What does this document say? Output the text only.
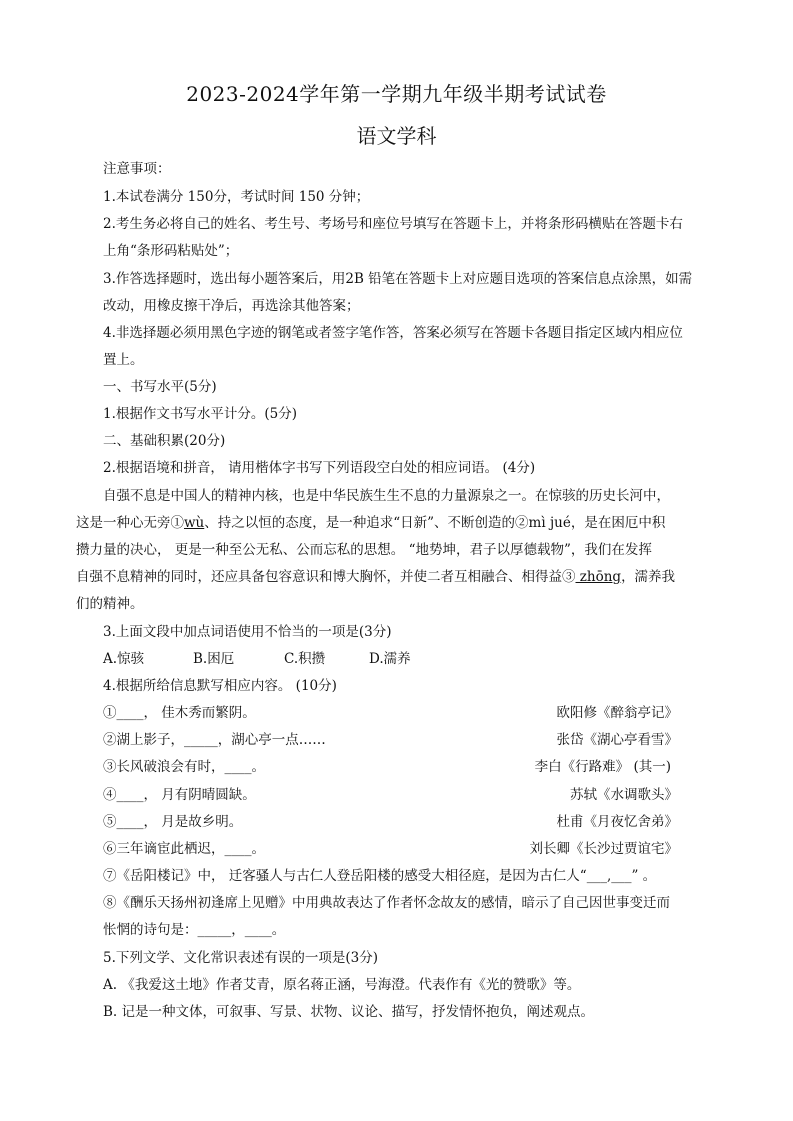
2023-2024学年第一学期九年级半期考试试卷
语文学科
注意事项：
1.本试卷满分 150分，考试时间 150 分钟；
2.考生务必将自己的姓名、考生号、考场号和座位号填写在答题卡上，并将条形码横贴在答题卡右
上角“条形码粘贴处”；
3.作答选择题时，选出每小题答案后，用2B 铅笔在答题卡上对应题目选项的答案信息点涂黑，如需
改动，用橡皮擦干净后，再选涂其他答案；
4.非选择题必须用黑色字迹的钢笔或者签字笔作答，答案必须写在答题卡各题目指定区域内相应位
置上。
一、书写水平(5分)
1.根据作文书写水平计分。(5分)
二、基础积累(20分)
2.根据语境和拼音， 请用楷体字书写下列语段空白处的相应词语。 (4分)
自强不息是中国人的精神内核，也是中华民族生生不息的力量源泉之一。在惊骇的历史长河中，
这是一种心无旁①wù、持之以恒的态度，是一种追求“日新”、不断创造的②mì jué，是在困厄中积
攒力量的决心， 更是一种至公无私、公而忘私的思想。 “地势坤，君子以厚德载物”，我们在发挥
自强不息精神的同时，还应具备包容意识和博大胸怀，并使二者互相融合、相得益③ zhōng，濡养我
们的精神。
3.上面文段中加点词语使用不恰当的一项是(3分)
A.惊骇	B.困厄	C.积攒	D.濡养
4.根据所给信息默写相应内容。 (10分)
①____， 佳木秀而繁阴。	欧阳修《醉翁亭记》
②湖上影子，_____，湖心亭一点……	张岱《湖心亭看雪》
③长风破浪会有时，____。	李白《行路难》 (其一)
④____， 月有阴晴圆缺。	苏轼《水调歌头》
⑤____， 月是故乡明。	杜甫《月夜忆舍弟》
⑥三年谪宦此栖迟，____。	刘长卿《长沙过贾谊宅》
⑦《岳阳楼记》中， 迁客骚人与古仁人登岳阳楼的感受大相径庭，是因为古仁人“___,___” 。
⑧《酬乐天扬州初逢席上见赠》中用典故表达了作者怀念故友的感情，暗示了自己因世事变迁而
怅惘的诗句是：_____，____。
5.下列文学、文化常识表述有误的一项是(3分)
A. 《我爱这土地》作者艾青，原名蒋正涵，号海澄。代表作有《光的赞歌》等。
B. 记是一种文体，可叙事、写景、状物、议论、描写，抒发情怀抱负，阐述观点。
